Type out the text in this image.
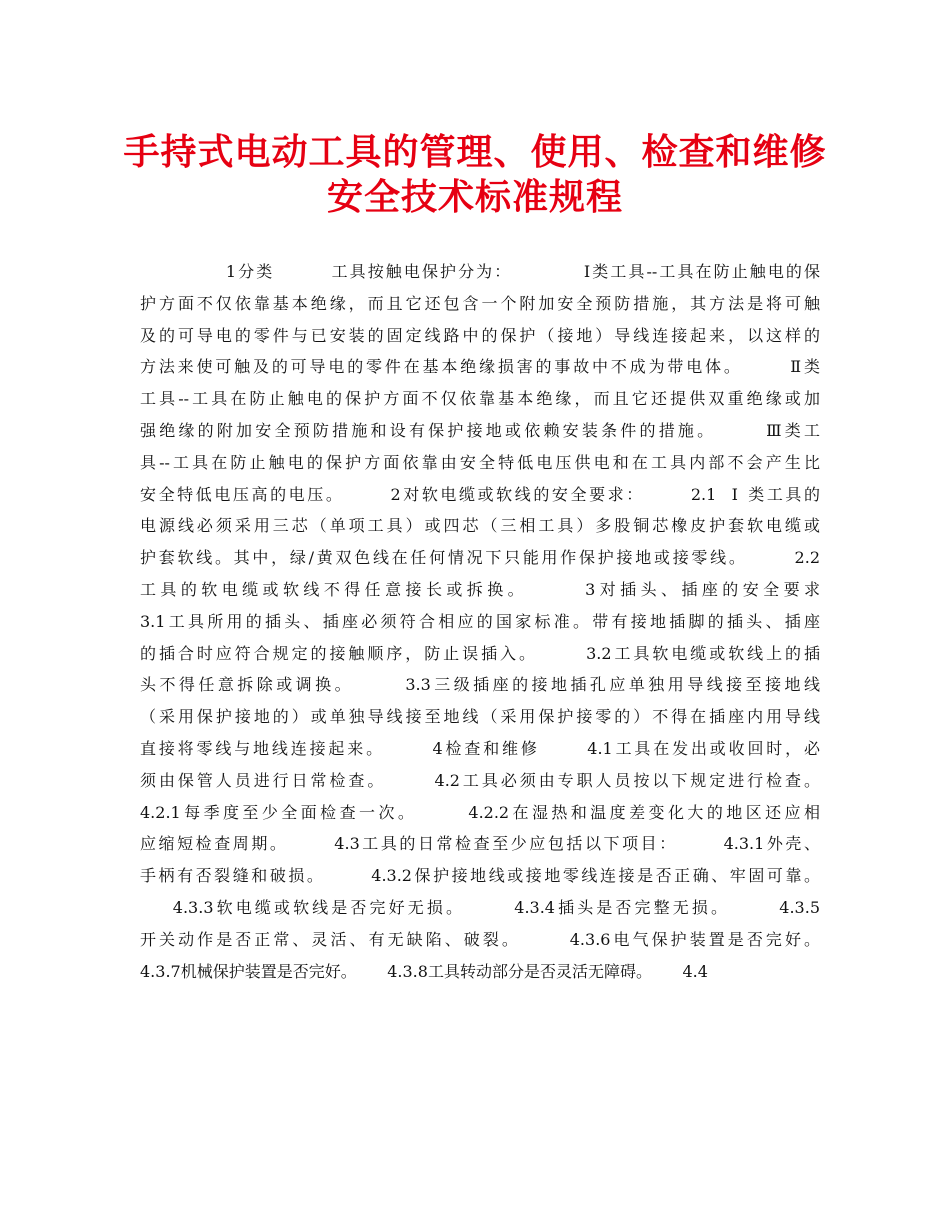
手持式电动工具的管理、使用、检查和维修
安全技术标准规程
1分类        工具按触电保护分为：          Ⅰ类工具--工具在防止触电的保
护方面不仅依靠基本绝缘，而且它还包含一个附加安全预防措施，其方法是将可触
及的可导电的零件与已安装的固定线路中的保护（接地）导线连接起来，以这样的
方法来使可触及的可导电的零件在基本绝缘损害的事故中不成为带电体。      Ⅱ类
工具--工具在防止触电的保护方面不仅依靠基本绝缘，而且它还提供双重绝缘或加
强绝缘的附加安全预防措施和设有保护接地或依赖安装条件的措施。      Ⅲ类工
具--工具在防止触电的保护方面依靠由安全特低电压供电和在工具内部不会产生比
安全特低电压高的电压。      2对软电缆或软线的安全要求：      2.1  Ⅰ 类工具的
电源线必须采用三芯（单项工具）或四芯（三相工具）多股铜芯橡皮护套软电缆或
护套软线。其中，绿/黄双色线在任何情况下只能用作保护接地或接零线。      2.2
工具的软电缆或软线不得任意接长或拆换。      3对插头、插座的安全要求
3.1工具所用的插头、插座必须符合相应的国家标准。带有接地插脚的插头、插座
的插合时应符合规定的接触顺序，防止误插入。      3.2工具软电缆或软线上的插
头不得任意拆除或调换。      3.3三级插座的接地插孔应单独用导线接至接地线
（采用保护接地的）或单独导线接至地线（采用保护接零的）不得在插座内用导线
直接将零线与地线连接起来。      4检查和维修      4.1工具在发出或收回时，必
须由保管人员进行日常检查。      4.2工具必须由专职人员按以下规定进行检查。
4.2.1每季度至少全面检查一次。      4.2.2在湿热和温度差变化大的地区还应相
应缩短检查周期。      4.3工具的日常检查至少应包括以下项目：      4.3.1外壳、
手柄有否裂缝和破损。      4.3.2保护接地线或接地零线连接是否正确、牢固可靠。
4.3.3软电缆或软线是否完好无损。      4.3.4插头是否完整无损。      4.3.5
开关动作是否正常、灵活、有无缺陷、破裂。      4.3.6电气保护装置是否完好。
4.3.7机械保护装置是否完好。      4.3.8工具转动部分是否灵活无障碍。      4.4
